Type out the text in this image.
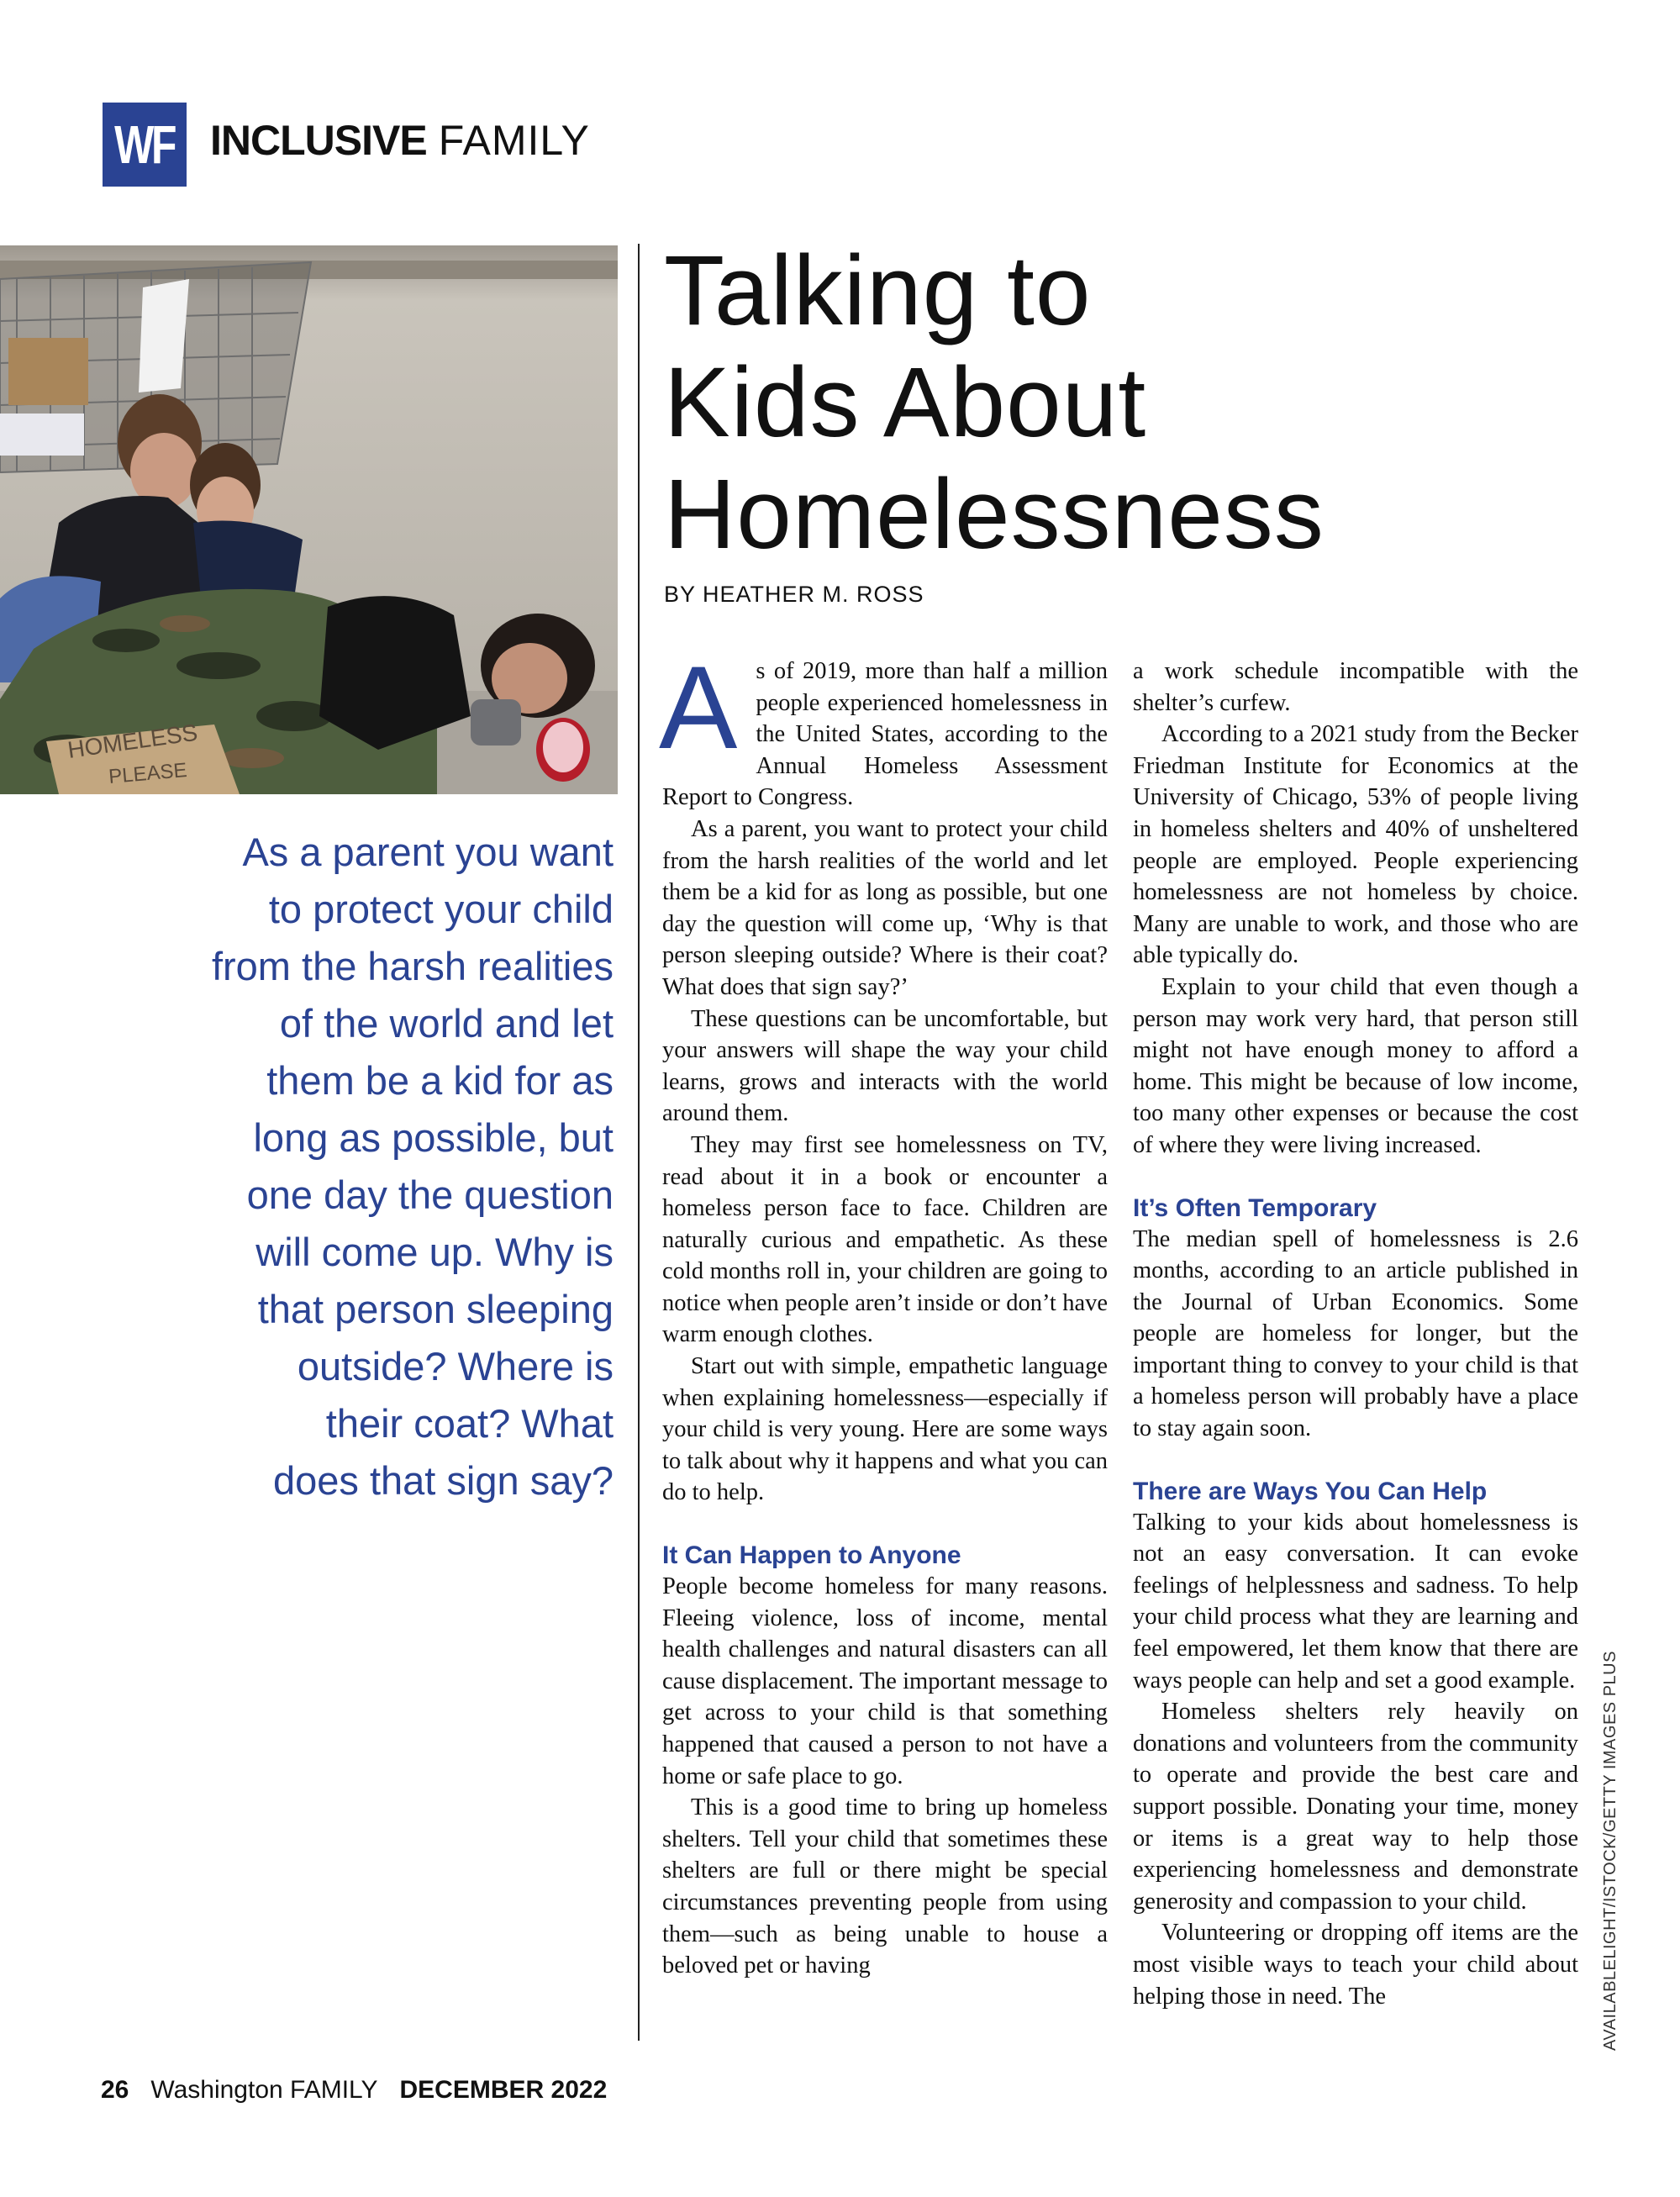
WF INCLUSIVE FAMILY
HOMELESS
PLEASE
Talking to
Kids About
Homelessness
BY HEATHER M. ROSS
As a parent you want
to protect your child
from the harsh realities
of the world and let
them be a kid for as
long as possible, but
one day the question
will come up. Why is
that person sleeping
outside? Where is
their coat? What
does that sign say?
A s of 2019, more than half a million people experienced homelessness in the United States, according to the Annual Homeless Assessment Report to Congress.

As a parent, you want to protect your child from the harsh realities of the world and let them be a kid for as long as possible, but one day the question will come up, ‘Why is that person sleeping outside? Where is their coat? What does that sign say?’

These questions can be uncomfortable, but your answers will shape the way your child learns, grows and interacts with the world around them.

They may first see homelessness on TV, read about it in a book or encounter a homeless person face to face. Children are naturally curious and empathetic. As these cold months roll in, your children are going to notice when people aren’t inside or don’t have warm enough clothes.

Start out with simple, empathetic language when explaining homelessness—especially if your child is very young. Here are some ways to talk about why it happens and what you can do to help.

It Can Happen to Anyone

People become homeless for many reasons. Fleeing violence, loss of income, mental health challenges and natural disasters can all cause displacement. The important message to get across to your child is that something happened that caused a person to not have a home or safe place to go.

This is a good time to bring up homeless shelters. Tell your child that sometimes these shelters are full or there might be special circumstances preventing people from using them—such as being unable to house a beloved pet or having

a work schedule incompatible with the shelter’s curfew.

According to a 2021 study from the Becker Friedman Institute for Economics at the University of Chicago, 53% of people living in homeless shelters and 40% of unsheltered people are employed. People experiencing homelessness are not homeless by choice. Many are unable to work, and those who are able typically do.

Explain to your child that even though a person may work very hard, that person still might not have enough money to afford a home. This might be because of low income, too many other expenses or because the cost of where they were living increased.

It’s Often Temporary

The median spell of homelessness is 2.6 months, according to an article published in the Journal of Urban Economics. Some people are homeless for longer, but the important thing to convey to your child is that a homeless person will probably have a place to stay again soon.

There are Ways You Can Help

Talking to your kids about homelessness is not an easy conversation. It can evoke feelings of helplessness and sadness. To help your child process what they are learning and feel empowered, let them know that there are ways people can help and set a good example.

Homeless shelters rely heavily on donations and volunteers from the community to operate and provide the best care and support possible. Donating your time, money or items is a great way to help those experiencing homelessness and demonstrate generosity and compassion to your child.

Volunteering or dropping off items are the most visible ways to teach your child about helping those in need. The	AVAILABLELIGHT/ISTOCK/GETTY IMAGES PLUS
26 Washington FAMILY DECEMBER 2022
